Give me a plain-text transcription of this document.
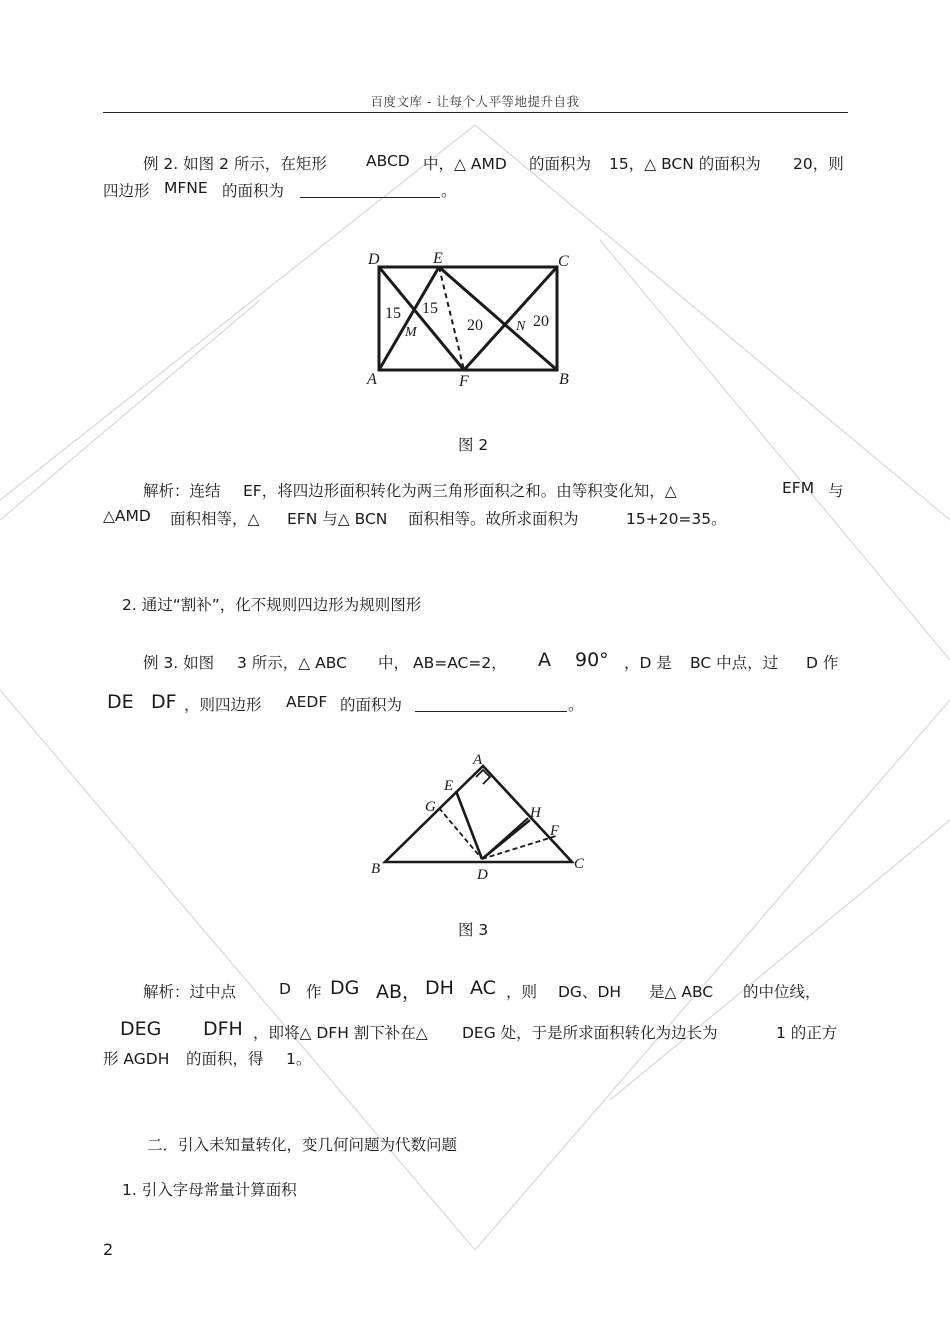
百度文库 - 让每个人平等地提升自我
例 2. 如图 2 所示，在矩形	ABCD 中，△ AMD 的面积为 15，△ BCN 的面积为 20，则
四边形 MFNE 的面积为	。
D	E	C
A	F	B
M	N
15 15
20	20
图 2
解析：连结 EF，将四边形面积转化为两三角形面积之和。由等积变化知，△	EFM 与
△AMD 面积相等，△ EFN 与△ BCN 面积相等。故所求面积为	15+20=35。
2. 通过“割补”，化不规则四边形为规则图形
例 3. 如图 3 所示，△ ABC 中， AB=AC=2， A 90° ，D 是 BC 中点，过 D 作
DE DF ，则四边形 AEDF 的面积为	。
A
E
G	H
F
B	D
C
图 3
解析：过中点	D 作 DG AB， DH AC ，则 DG、DH 是△ ABC 的中位线，
DEG DFH ，即将△ DFH 割下补在△ DEG 处，于是所求面积转化为边长为	1 的正方
形 AGDH 的面积，得 1。
二．引入未知量转化，变几何问题为代数问题
1. 引入字母常量计算面积
2
